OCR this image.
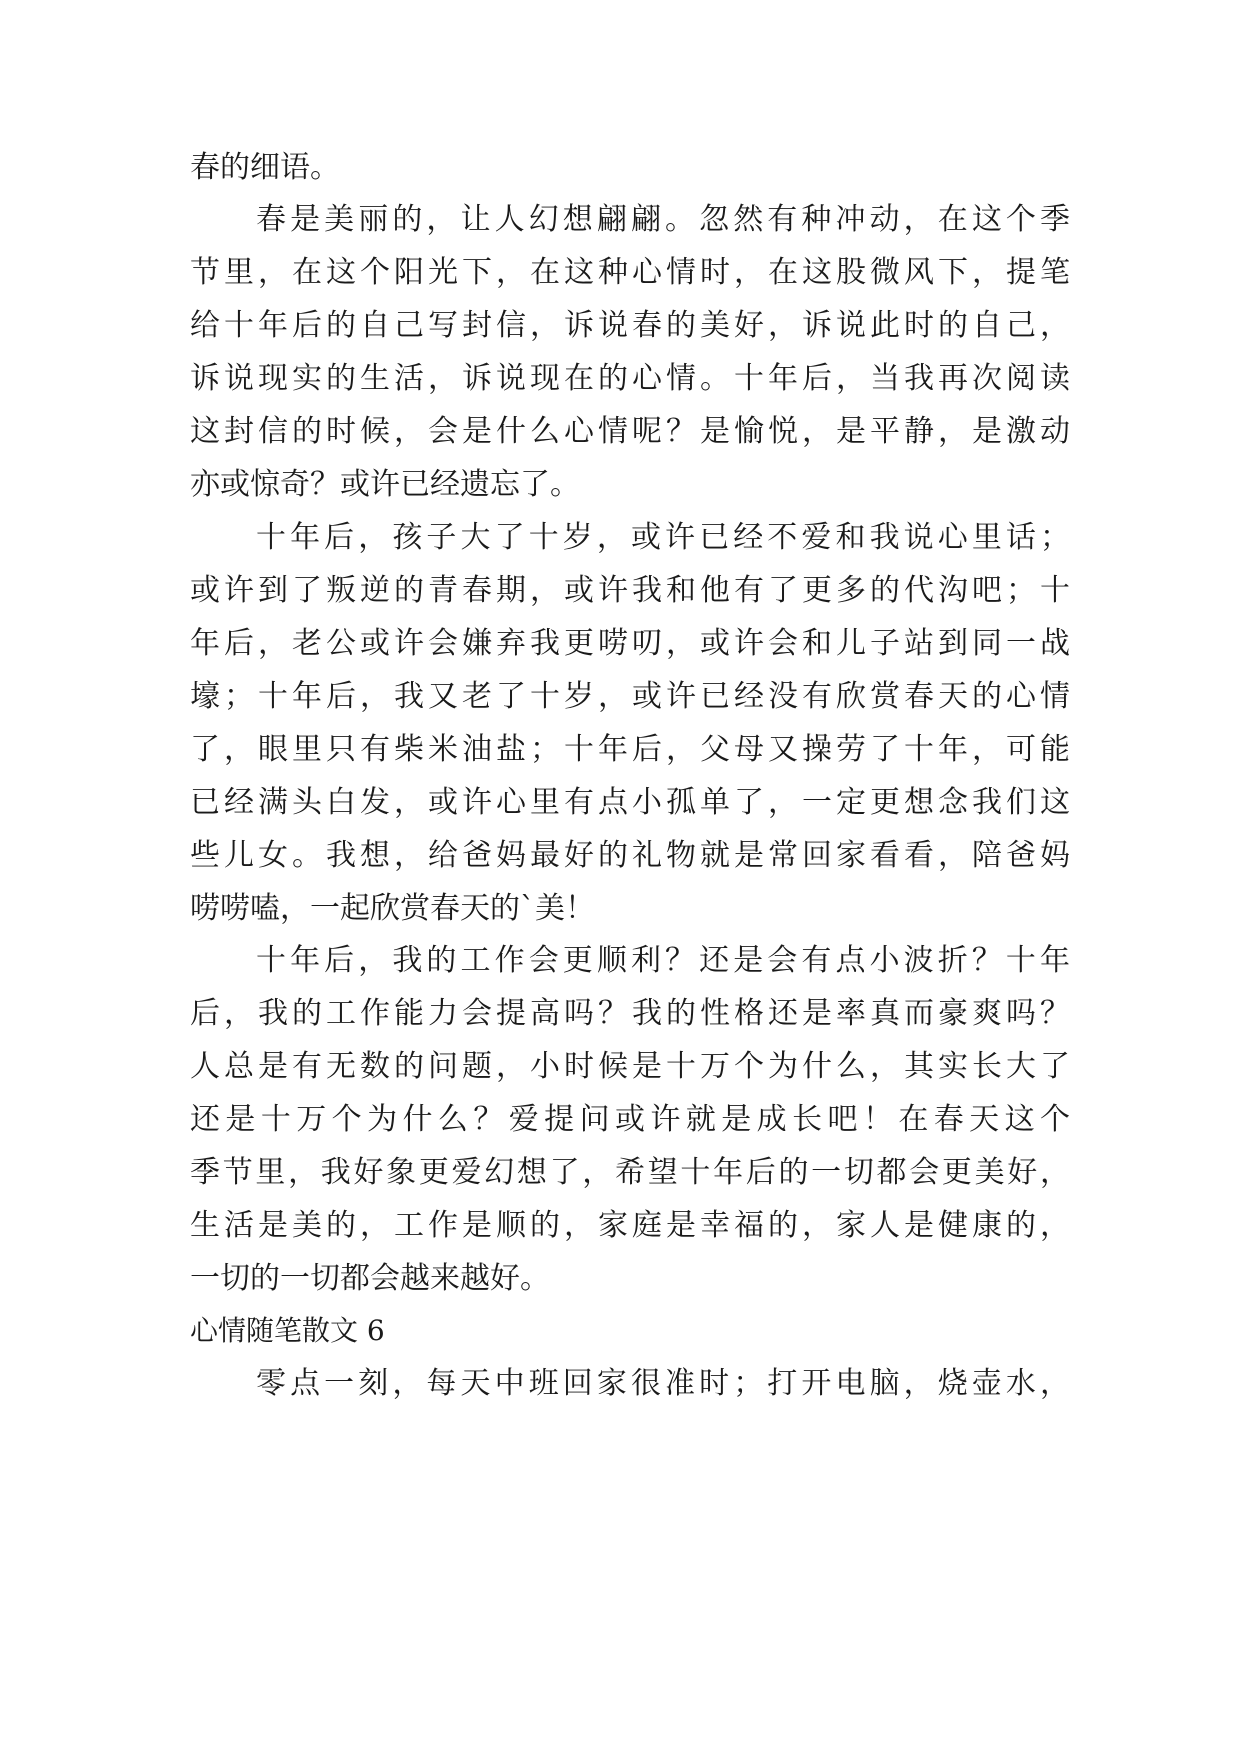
春的细语。
春是美丽的，让人幻想翩翩。忽然有种冲动，在这个季
节里，在这个阳光下，在这种心情时，在这股微风下，提笔
给十年后的自己写封信，诉说春的美好，诉说此时的自己，
诉说现实的生活，诉说现在的心情。十年后，当我再次阅读
这封信的时候，会是什么心情呢？是愉悦，是平静，是激动
亦或惊奇？或许已经遗忘了。
十年后，孩子大了十岁，或许已经不爱和我说心里话；
或许到了叛逆的青春期，或许我和他有了更多的代沟吧；十
年后，老公或许会嫌弃我更唠叨，或许会和儿子站到同一战
壕；十年后，我又老了十岁，或许已经没有欣赏春天的心情
了，眼里只有柴米油盐；十年后，父母又操劳了十年，可能
已经满头白发，或许心里有点小孤单了，一定更想念我们这
些儿女。我想，给爸妈最好的礼物就是常回家看看，陪爸妈
唠唠嗑，一起欣赏春天的`美！
十年后，我的工作会更顺利？还是会有点小波折？十年
后，我的工作能力会提高吗？我的性格还是率真而豪爽吗？
人总是有无数的问题，小时候是十万个为什么，其实长大了
还是十万个为什么？爱提问或许就是成长吧！在春天这个
季节里，我好象更爱幻想了，希望十年后的一切都会更美好，
生活是美的，工作是顺的，家庭是幸福的，家人是健康的，
一切的一切都会越来越好。
心情随笔散文 6
零点一刻，每天中班回家很准时；打开电脑，烧壶水，
